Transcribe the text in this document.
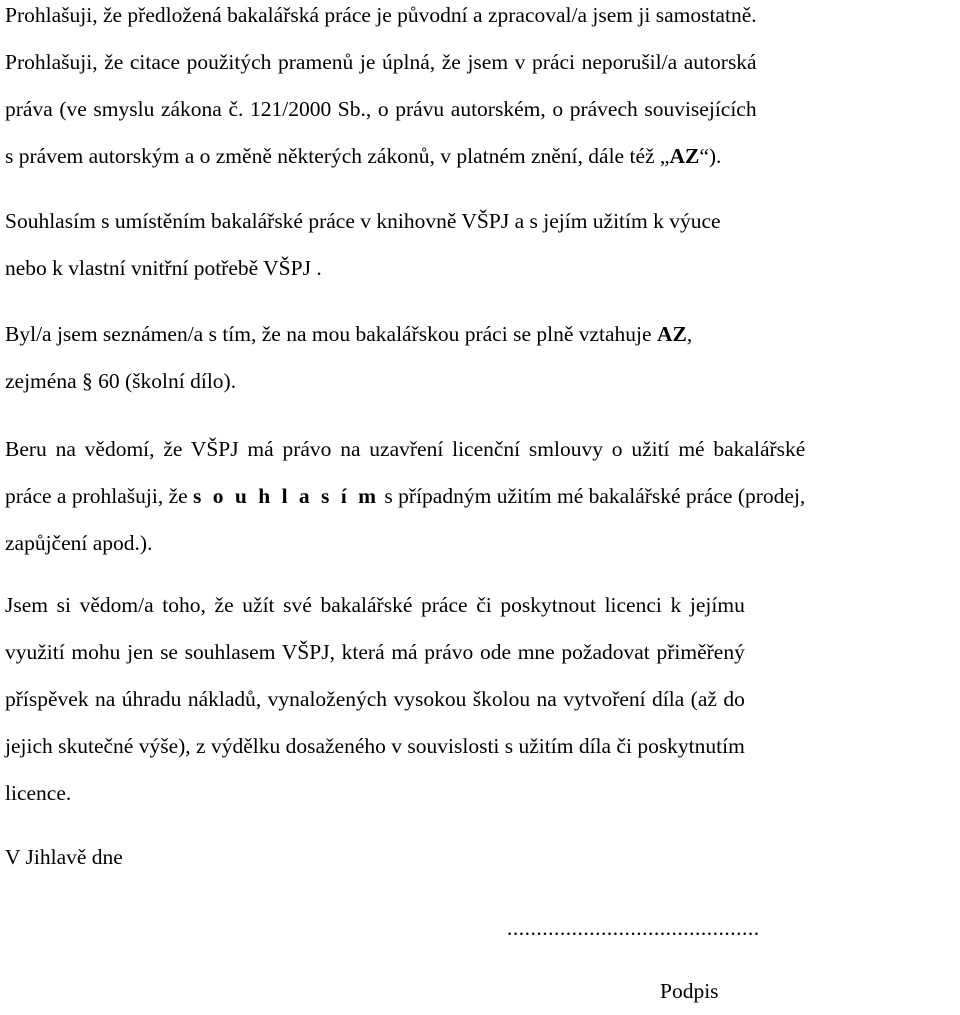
Prohlašuji, že předložená bakalářská práce je původní a zpracoval/a jsem ji samostatně.
Prohlašuji, že citace použitých pramenů je úplná, že jsem v práci neporušil/a autorská
práva (ve smyslu zákona č. 121/2000 Sb., o právu autorském, o právech souvisejících
s právem autorským a o změně některých zákonů, v platném znění, dále též „AZ“).
Souhlasím s umístěním bakalářské práce v knihovně VŠPJ a s jejím užitím k výuce
nebo k vlastní vnitřní potřebě VŠPJ .
Byl/a jsem seznámen/a s tím, že na mou bakalářskou práci se plně vztahuje AZ,
zejména § 60 (školní dílo).
Beru na vědomí, že VŠPJ má právo na uzavření licenční smlouvy o užití mé bakalářské
práce a prohlašuji, že s o u h l a s í m s případným užitím mé bakalářské práce (prodej,
zapůjčení apod.).
Jsem si vědom/a toho, že užít své bakalářské práce či poskytnout licenci k jejímu
využití mohu jen se souhlasem VŠPJ, která má právo ode mne požadovat přiměřený
příspěvek na úhradu nákladů, vynaložených vysokou školou na vytvoření díla (až do
jejich skutečné výše), z výdělku dosaženého v souvislosti s užitím díla či poskytnutím
licence.
V Jihlavě dne
...........................................
Podpis
